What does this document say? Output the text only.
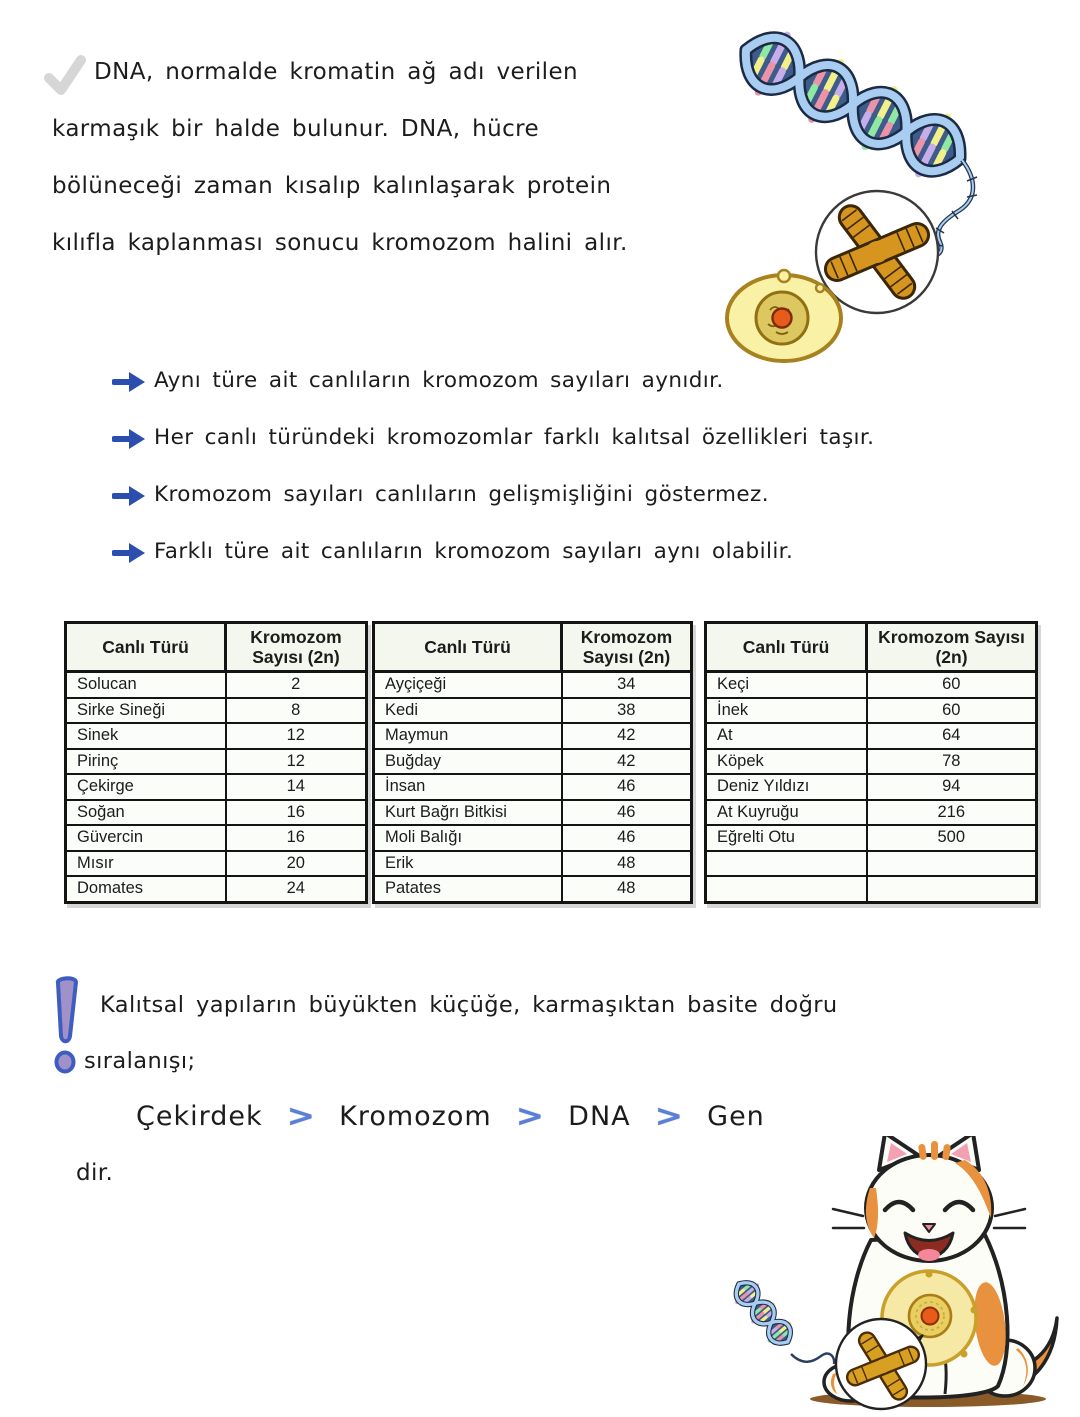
DNA, normalde kromatin ağ adı verilen
karmaşık bir halde bulunur. DNA, hücre
bölüneceği zaman kısalıp kalınlaşarak protein
kılıfla kaplanması sonucu kromozom halini alır.
Aynı türe ait canlıların kromozom sayıları aynıdır.
Her canlı türündeki kromozomlar farklı kalıtsal özellikleri taşır.
Kromozom sayıları canlıların gelişmişliğini göstermez.
Farklı türe ait canlıların kromozom sayıları aynı olabilir.
Canlı Türü	Kromozom Sayısı (2n)
Solucan	2
Sirke Sineği	8
Sinek	12
Pirinç	12
Çekirge	14
Soğan	16
Güvercin	16
Mısır	20
Domates	24
Canlı Türü	Kromozom Sayısı (2n)
Ayçiçeği	34
Kedi	38
Maymun	42
Buğday	42
İnsan	46
Kurt Bağrı Bitkisi	46
Moli Balığı	46
Erik	48
Patates	48
Canlı Türü	Kromozom Sayısı (2n)
Keçi	60
İnek	60
At	64
Köpek	78
Deniz Yıldızı	94
At Kuyruğu	216
Eğrelti Otu	500

Kalıtsal yapıların büyükten küçüğe, karmaşıktan basite doğru
sıralanışı;
Çekirdek > Kromozom > DNA > Gen
dir.
